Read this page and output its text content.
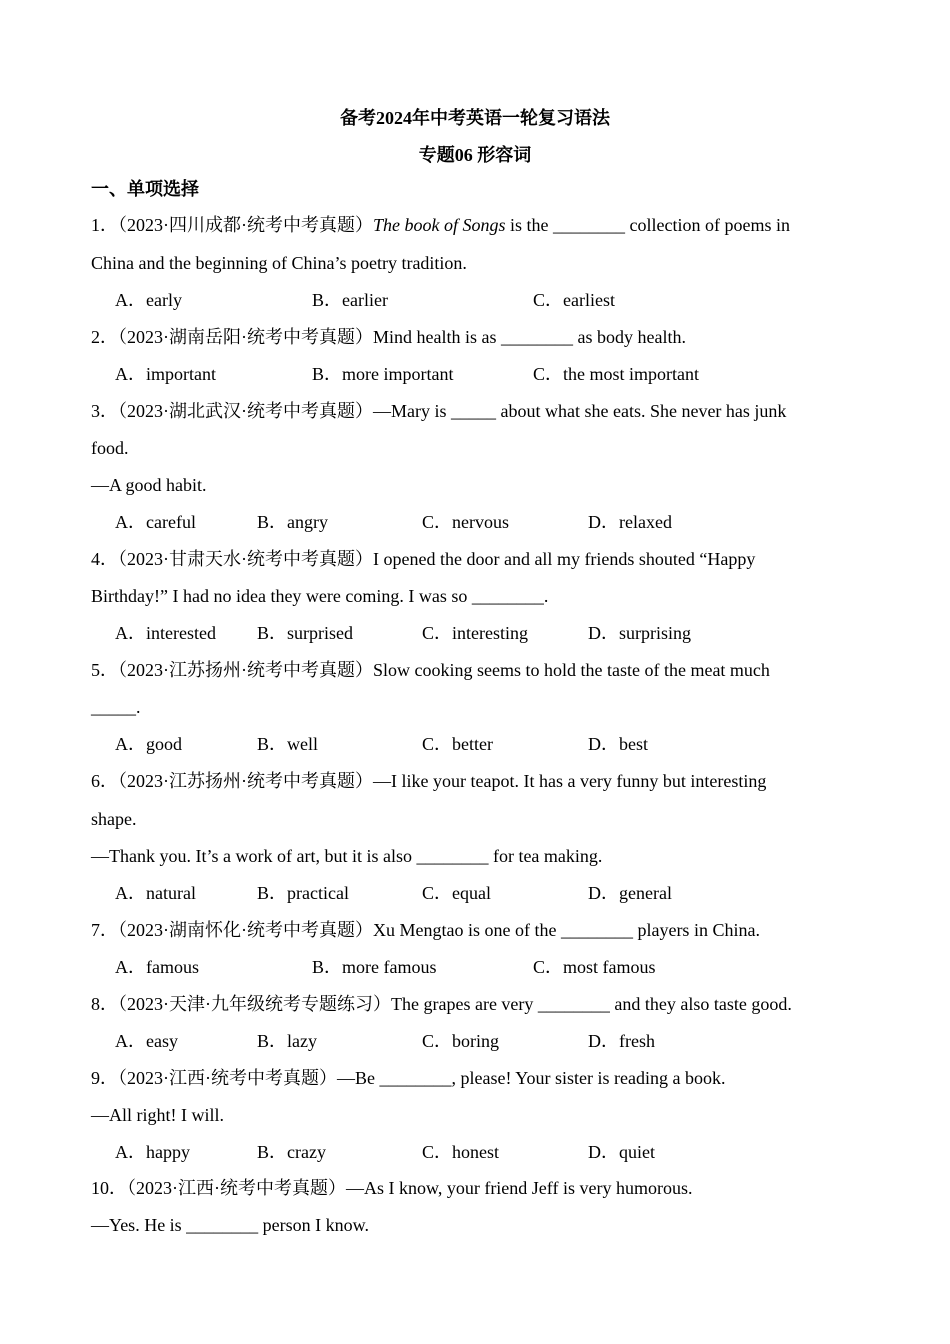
备考2024年中考英语一轮复习语法
专题06 形容词
一、单项选择
1．（2023·四川成都·统考中考真题）The book of Songs is the ________ collection of poems in
China and the beginning of China’s poetry tradition.
A．early	B．earlier	C．earliest
2．（2023·湖南岳阳·统考中考真题）Mind health is as ________ as body health.
A．important	B．more important	C．the most important
3．（2023·湖北武汉·统考中考真题）—Mary is _____ about what she eats. She never has junk
food.
—A good habit.
A．careful	B．angry	C．nervous	D．relaxed
4．（2023·甘肃天水·统考中考真题）I opened the door and all my friends shouted “Happy
Birthday!” I had no idea they were coming. I was so ________.
A．interested B．surprised	C．interesting	D．surprising
5．（2023·江苏扬州·统考中考真题）Slow cooking seems to hold the taste of the meat much
_____.
A．good	B．well	C．better	D．best
6．（2023·江苏扬州·统考中考真题）—I like your teapot. It has a very funny but interesting
shape.
—Thank you. It’s a work of art, but it is also ________ for tea making.
A．natural	B．practical	C．equal	D．general
7．（2023·湖南怀化·统考中考真题）Xu Mengtao is one of the ________ players in China.
A．famous	B．more famous	C．most famous
8．（2023·天津·九年级统考专题练习）The grapes are very ________ and they also taste good.
A．easy	B．lazy	C．boring	D．fresh
9．（2023·江西·统考中考真题）—Be ________, please! Your sister is reading a book.
—All right! I will.
A．happy	B．crazy	C．honest	D．quiet
10．（2023·江西·统考中考真题）—As I know, your friend Jeff is very humorous.
—Yes. He is ________ person I know.
